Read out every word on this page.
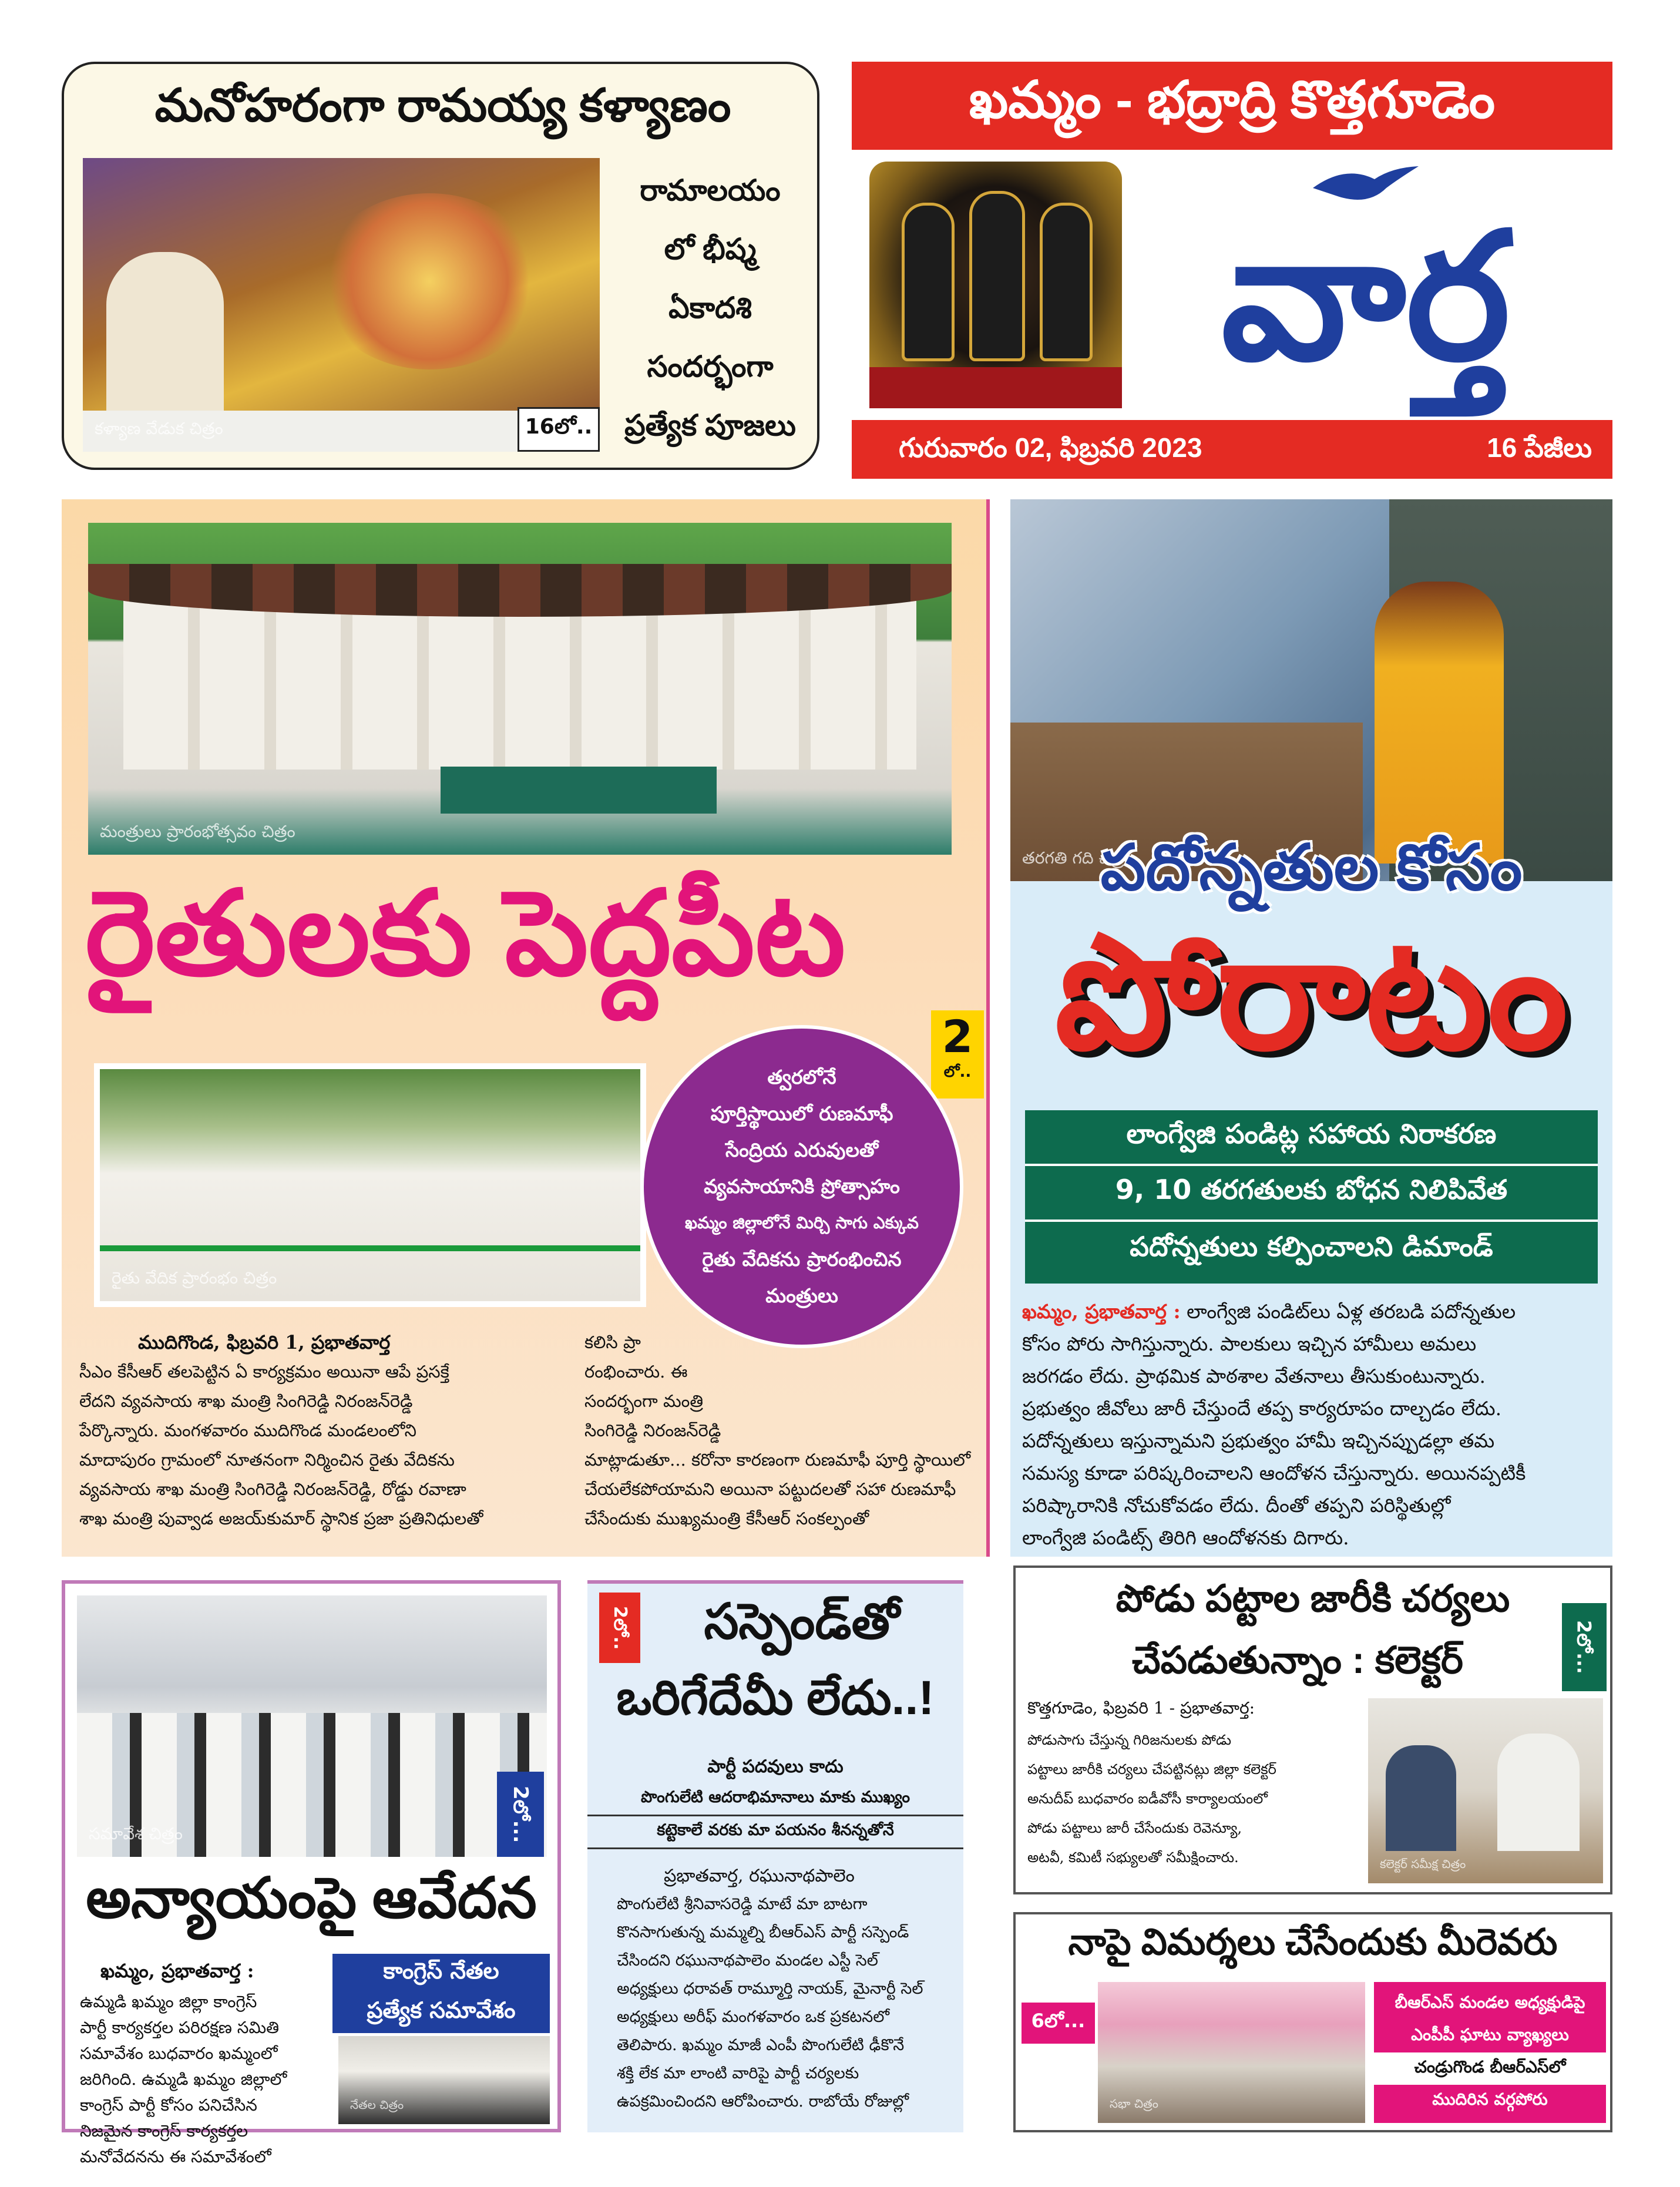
మనోహరంగా రామయ్య కళ్యాణం
కళ్యాణ వేడుక చిత్రం	16లో..
రామాలయం
లో భీష్మ
ఏకాదశి
సందర్భంగా
ప్రత్యేక పూజలు
ఖమ్మం - భద్రాద్రి కొత్తగూడెం
వార్త
గురువారం 02, ఫిబ్రవరి 2023	16 పేజీలు
మంత్రులు ప్రారంభోత్సవం చిత్రం
రైతులకు పెద్దపీట
2
లో..
రైతు వేదిక ప్రారంభం చిత్రం
త్వరలోనే
పూర్తిస్థాయిలో రుణమాఫీ
సేంద్రియ ఎరువులతో
వ్యవసాయానికి ప్రోత్సాహం
ఖమ్మం జిల్లాలోనే మిర్చి సాగు ఎక్కువ
రైతు వేదికను ప్రారంభించిన
మంత్రులు
ముదిగొండ, ఫిబ్రవరి 1, ప్రభాతవార్త
సీఎం కేసీఆర్ తలపెట్టిన ఏ కార్యక్రమం అయినా ఆపే ప్రసక్తే
లేదని వ్యవసాయ శాఖ మంత్రి సింగిరెడ్డి నిరంజన్‌రెడ్డి
పేర్కొన్నారు. మంగళవారం ముదిగొండ మండలంలోని
మాదాపురం గ్రామంలో నూతనంగా నిర్మించిన రైతు వేదికను
వ్యవసాయ శాఖ మంత్రి సింగిరెడ్డి నిరంజన్‌రెడ్డి, రోడ్డు రవాణా
శాఖ మంత్రి పువ్వాడ అజయ్‌కుమార్ స్థానిక ప్రజా ప్రతినిధులతో
కలిసి ప్రా
రంభించారు. ఈ
సందర్భంగా మంత్రి
సింగిరెడ్డి నిరంజన్‌రెడ్డి
మాట్లాడుతూ... కరోనా కారణంగా రుణమాఫీ పూర్తి స్థాయిలో
చేయలేకపోయామని అయినా పట్టుదలతో సహా రుణమాఫీ
చేసేందుకు ముఖ్యమంత్రి కేసీఆర్ సంకల్పంతో
తరగతి గది చిత్రం
పదోన్నతుల కోసం
పోరాటం
లాంగ్వేజి పండిట్ల సహాయ నిరాకరణ
9, 10 తరగతులకు బోధన నిలిపివేత
పదోన్నతులు కల్పించాలని డిమాండ్
ఖమ్మం, ప్రభాతవార్త : లాంగ్వేజి పండిట్‌లు ఏళ్ల తరబడి పదోన్నతుల
కోసం పోరు సాగిస్తున్నారు. పాలకులు ఇచ్చిన హామీలు అమలు
జరగడం లేదు. ప్రాథమిక పాఠశాల వేతనాలు తీసుకుంటున్నారు.
ప్రభుత్వం జీవోలు జారీ చేస్తుందే తప్ప కార్యరూపం దాల్చడం లేదు.
పదోన్నతులు ఇస్తున్నామని ప్రభుత్వం హామీ ఇచ్చినప్పుడల్లా తమ
సమస్య కూడా పరిష్కరించాలని ఆందోళన చేస్తున్నారు. అయినప్పటికీ
పరిష్కారానికి నోచుకోవడం లేదు. దీంతో తప్పని పరిస్థితుల్లో
లాంగ్వేజి పండిట్స్ తిరిగి ఆందోళనకు దిగారు.
సమావేశ చిత్రం	2లో...
అన్యాయంపై ఆవేదన
ఖమ్మం, ప్రభాతవార్త :
ఉమ్మడి ఖమ్మం జిల్లా కాంగ్రెస్
పార్టీ కార్యకర్తల పరిరక్షణ సమితి
సమావేశం బుధవారం ఖమ్మంలో
జరిగింది. ఉమ్మడి ఖమ్మం జిల్లాలో
కాంగ్రెస్ పార్టీ కోసం పనిచేసిన
నిజమైన కాంగ్రెస్ కార్యకర్తల
మనోవేదనను ఈ సమావేశంలో
కాంగ్రెస్ నేతల
ప్రత్యేక సమావేశం
నేతల చిత్రం
2లో..	సస్పెండ్‌తో
ఒరిగేదేమీ లేదు..!
పార్టీ పదవులు కాదు
పొంగులేటి ఆదరాభిమానాలు మాకు ముఖ్యం
కట్టెకాలే వరకు మా పయనం శీనన్నతోనే
ప్రభాతవార్త, రఘునాథపాలెం
పొంగులేటి శ్రీనివాసరెడ్డి మాటే మా బాటగా
కొనసాగుతున్న మమ్మల్ని బీఆర్ఎస్ పార్టీ సస్పెండ్
చేసిందని రఘునాథపాలెం మండల ఎస్టీ సెల్
అధ్యక్షులు ధరావత్ రామ్మూర్తి నాయక్, మైనార్టీ సెల్
అధ్యక్షులు అరీఫ్ మంగళవారం ఒక ప్రకటనలో
తెలిపారు. ఖమ్మం మాజీ ఎంపీ పొంగులేటి ఢీకొనే
శక్తి లేక మా లాంటి వారిపై పార్టీ చర్యలకు
ఉపక్రమించిందని ఆరోపించారు. రాబోయే రోజుల్లో
పోడు పట్టాల జారీకి చర్యలు
చేపడుతున్నాం : కలెక్టర్	2లో...
కొత్తగూడెం, ఫిబ్రవరి 1 - ప్రభాతవార్త:
పోడుసాగు చేస్తున్న గిరిజనులకు పోడు
పట్టాలు జారీకి చర్యలు చేపట్టినట్లు జిల్లా కలెక్టర్
అనుదీప్ బుధవారం ఐడీవోసీ కార్యాలయంలో
పోడు పట్టాలు జారీ చేసేందుకు రెవెన్యూ,
అటవీ, కమిటీ సభ్యులతో సమీక్షించారు.	కలెక్టర్ సమీక్ష చిత్రం
నాపై విమర్శలు చేసేందుకు మీరెవరు
6లో...
సభా చిత్రం
బీఆర్ఎస్ మండల అధ్యక్షుడిపై
ఎంపీపీ ఘాటు వ్యాఖ్యలు
చండ్రుగొండ బీఆర్ఎస్‌లో
ముదిరిన వర్గపోరు
